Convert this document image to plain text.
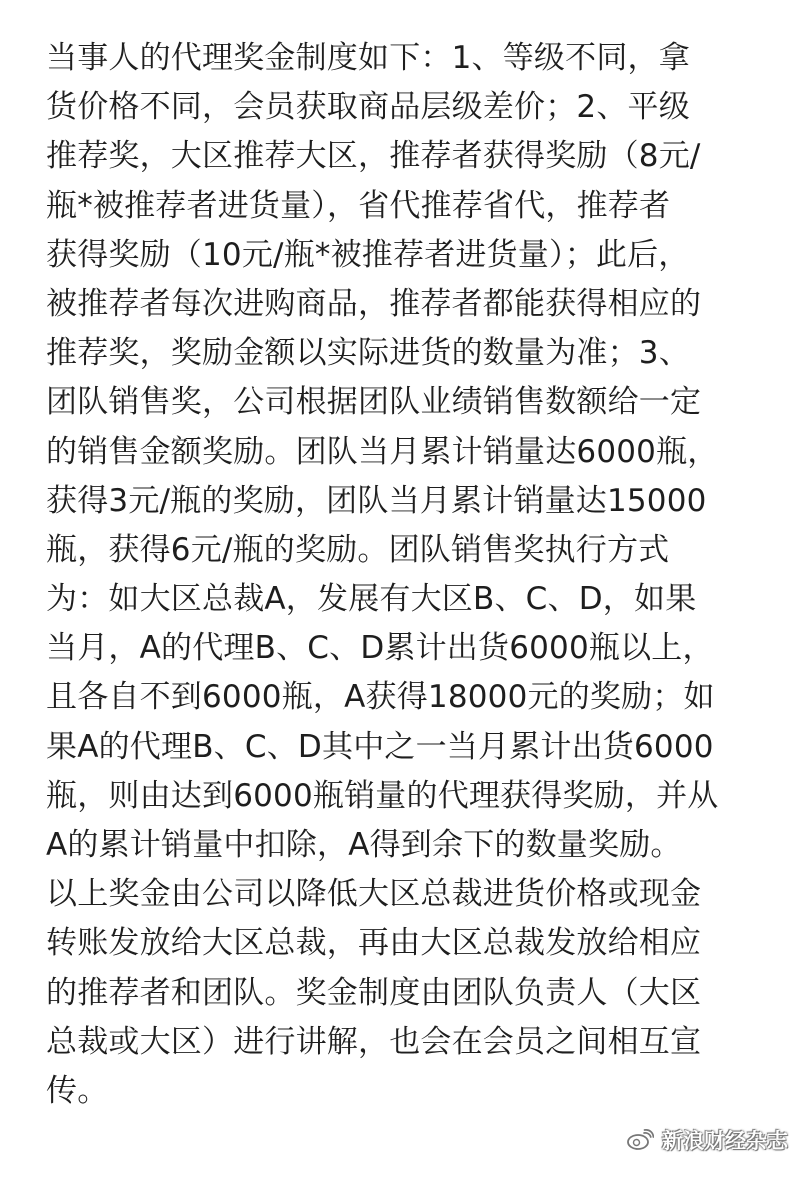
当事人的代理奖金制度如下：1、等级不同，拿
货价格不同，会员获取商品层级差价；2、平级
推荐奖，大区推荐大区，推荐者获得奖励（8元/
瓶*被推荐者进货量），省代推荐省代，推荐者
获得奖励（10元/瓶*被推荐者进货量）；此后，
被推荐者每次进购商品，推荐者都能获得相应的
推荐奖，奖励金额以实际进货的数量为准；3、
团队销售奖，公司根据团队业绩销售数额给一定
的销售金额奖励。团队当月累计销量达6000瓶，
获得3元/瓶的奖励，团队当月累计销量达15000
瓶，获得6元/瓶的奖励。团队销售奖执行方式
为：如大区总裁A，发展有大区B、C、D，如果
当月，A的代理B、C、D累计出货6000瓶以上，
且各自不到6000瓶，A获得18000元的奖励；如
果A的代理B、C、D其中之一当月累计出货6000
瓶，则由达到6000瓶销量的代理获得奖励，并从
A的累计销量中扣除，A得到余下的数量奖励。
以上奖金由公司以降低大区总裁进货价格或现金
转账发放给大区总裁，再由大区总裁发放给相应
的推荐者和团队。奖金制度由团队负责人（大区
总裁或大区）进行讲解，也会在会员之间相互宣
传。
新浪财经杂志
